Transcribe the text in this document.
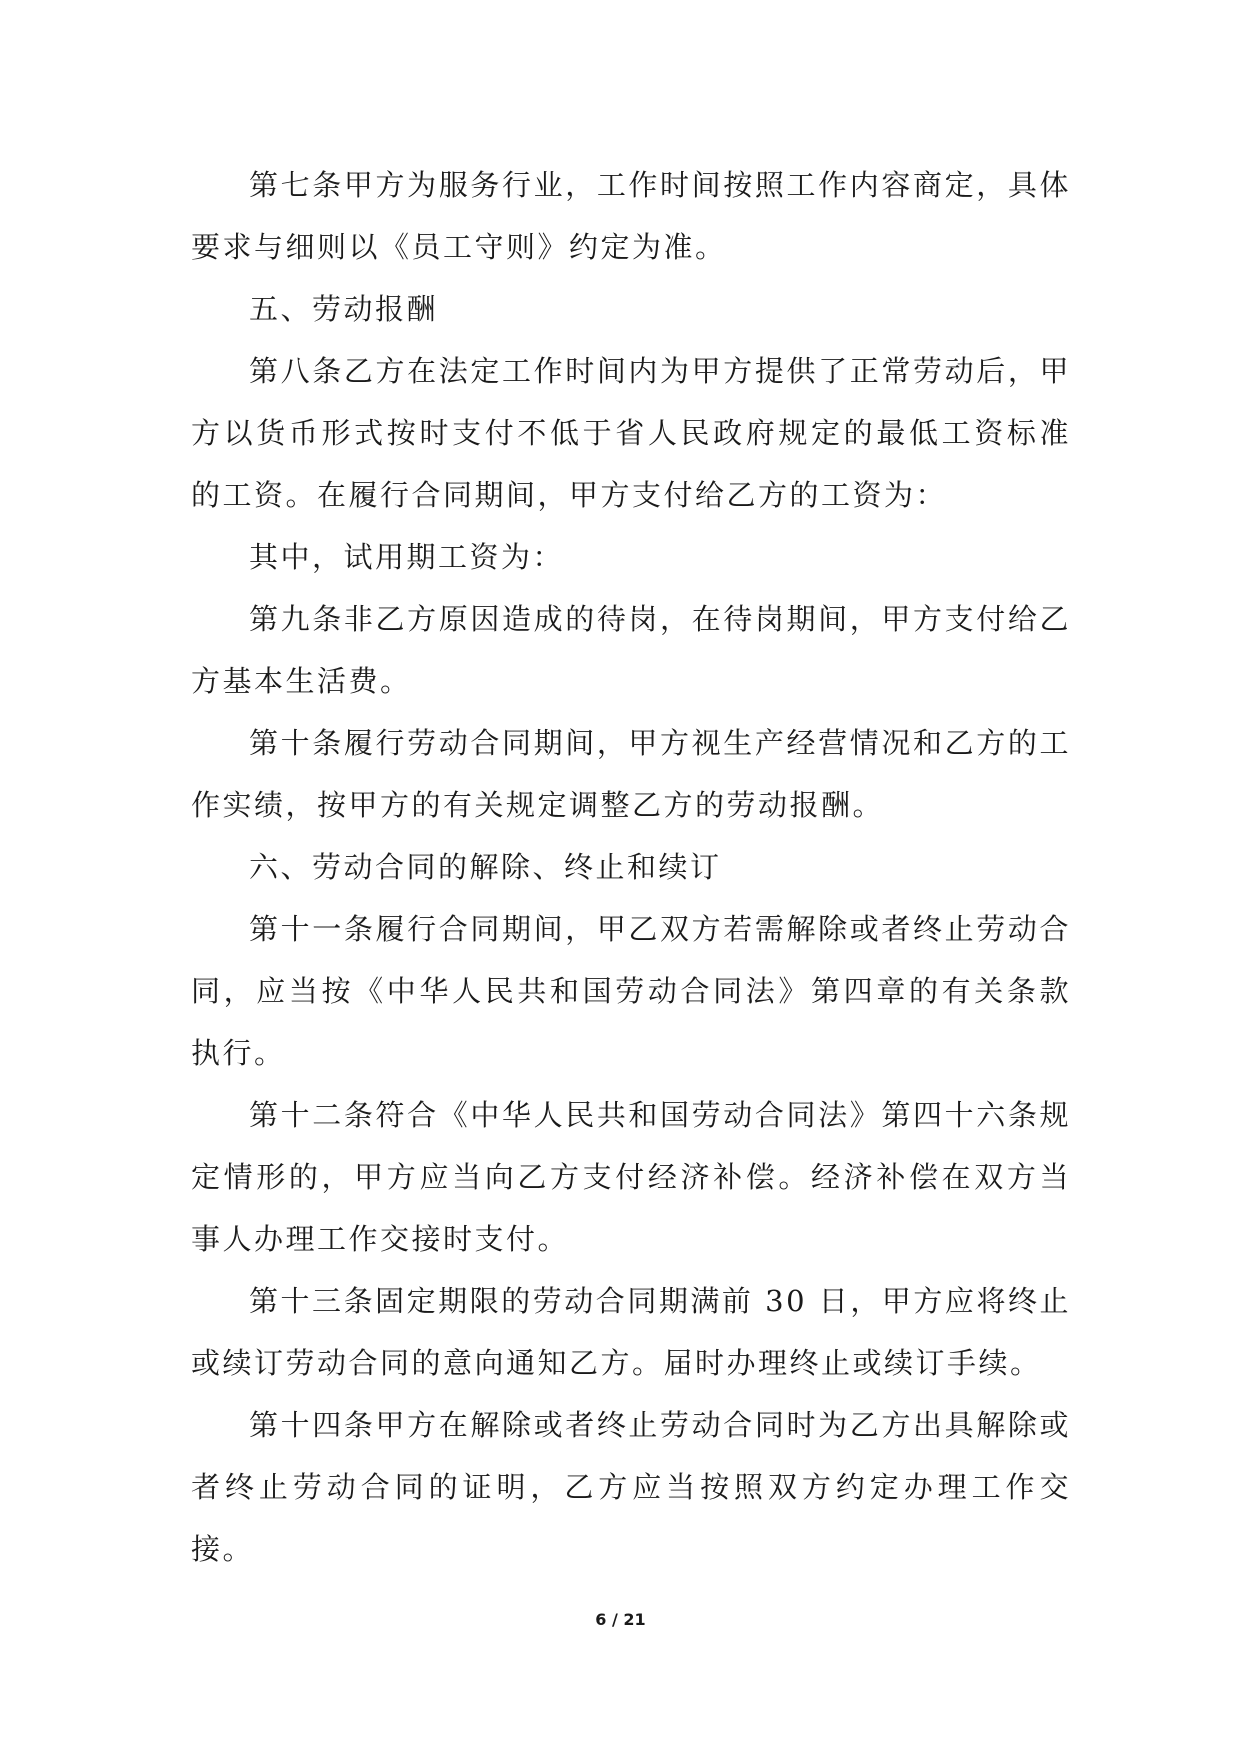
第七条甲方为服务行业，工作时间按照工作内容商定，具体要求与细则以《员工守则》约定为准。

五、劳动报酬

第八条乙方在法定工作时间内为甲方提供了正常劳动后，甲方以货币形式按时支付不低于省人民政府规定的最低工资标准的工资。在履行合同期间，甲方支付给乙方的工资为：

其中，试用期工资为：

第九条非乙方原因造成的待岗，在待岗期间，甲方支付给乙方基本生活费。

第十条履行劳动合同期间，甲方视生产经营情况和乙方的工作实绩，按甲方的有关规定调整乙方的劳动报酬。

六、劳动合同的解除、终止和续订

第十一条履行合同期间，甲乙双方若需解除或者终止劳动合同，应当按《中华人民共和国劳动合同法》第四章的有关条款执行。

第十二条符合《中华人民共和国劳动合同法》第四十六条规定情形的，甲方应当向乙方支付经济补偿。经济补偿在双方当事人办理工作交接时支付。

第十三条固定期限的劳动合同期满前 30 日，甲方应将终止或续订劳动合同的意向通知乙方。届时办理终止或续订手续。

第十四条甲方在解除或者终止劳动合同时为乙方出具解除或者终止劳动合同的证明，乙方应当按照双方约定办理工作交接。

6 / 21
